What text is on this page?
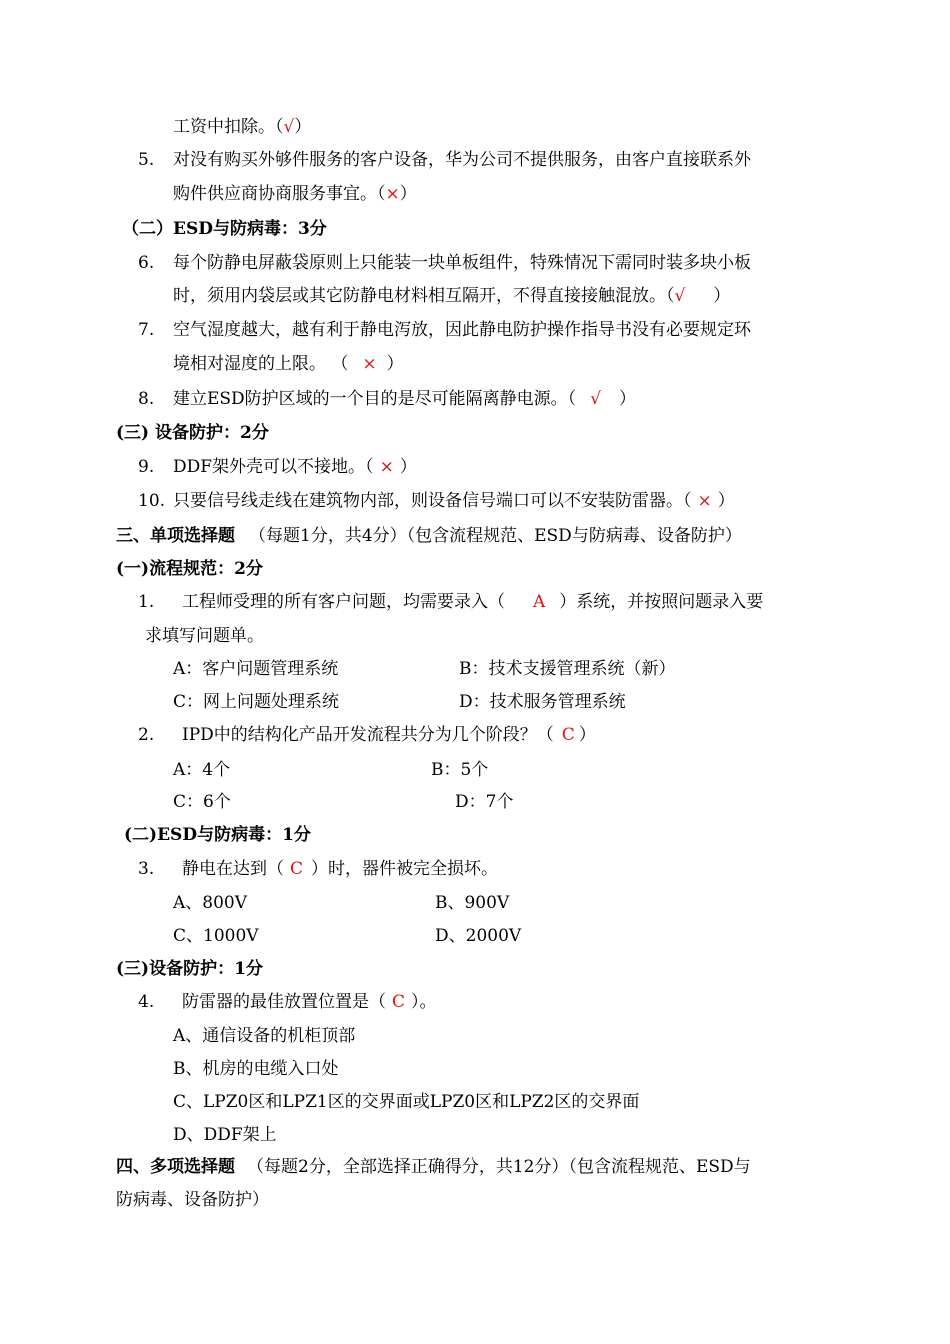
工资中扣除。（√）
5. 对没有购买外够件服务的客户设备，华为公司不提供服务，由客户直接联系外
购件供应商协商服务事宜。（×）
（二）ESD与防病毒：3分
6. 每个防静电屏蔽袋原则上只能装一块单板组件，特殊情况下需同时装多块小板
时，须用内袋层或其它防静电材料相互隔开，不得直接接触混放。（√ ）
7. 空气湿度越大，越有利于静电泻放，因此静电防护操作指导书没有必要规定环
境相对湿度的上限。 （ × ）
8. 建立ESD防护区域的一个目的是尽可能隔离静电源。（ √ ）
(三) 设备防护：2分
9. DDF架外壳可以不接地。（ × ）
10. 只要信号线走线在建筑物内部，则设备信号端口可以不安装防雷器。（ × ）
三、单项选择题 （每题1分，共4分）（包含流程规范、ESD与防病毒、设备防护）
(一)流程规范：2分
1. 工程师受理的所有客户问题，均需要录入（ A ）系统，并按照问题录入要
求填写问题单。
A：客户问题管理系统	B：技术支援管理系统（新）
C：网上问题处理系统	D：技术服务管理系统
2. IPD中的结构化产品开发流程共分为几个阶段？（ C ）
A：4个	B：5个
C：6个	D：7个
(二)ESD与防病毒：1分
3. 静电在达到（ C ）时，器件被完全损坏。
A、800V	B、900V
C、1000V	D、2000V
(三)设备防护：1分
4. 防雷器的最佳放置位置是（ C ）。
A、通信设备的机柜顶部
B、机房的电缆入口处
C、LPZ0区和LPZ1区的交界面或LPZ0区和LPZ2区的交界面
D、DDF架上
四、多项选择题 （每题2分，全部选择正确得分，共12分）（包含流程规范、ESD与
防病毒、设备防护）
